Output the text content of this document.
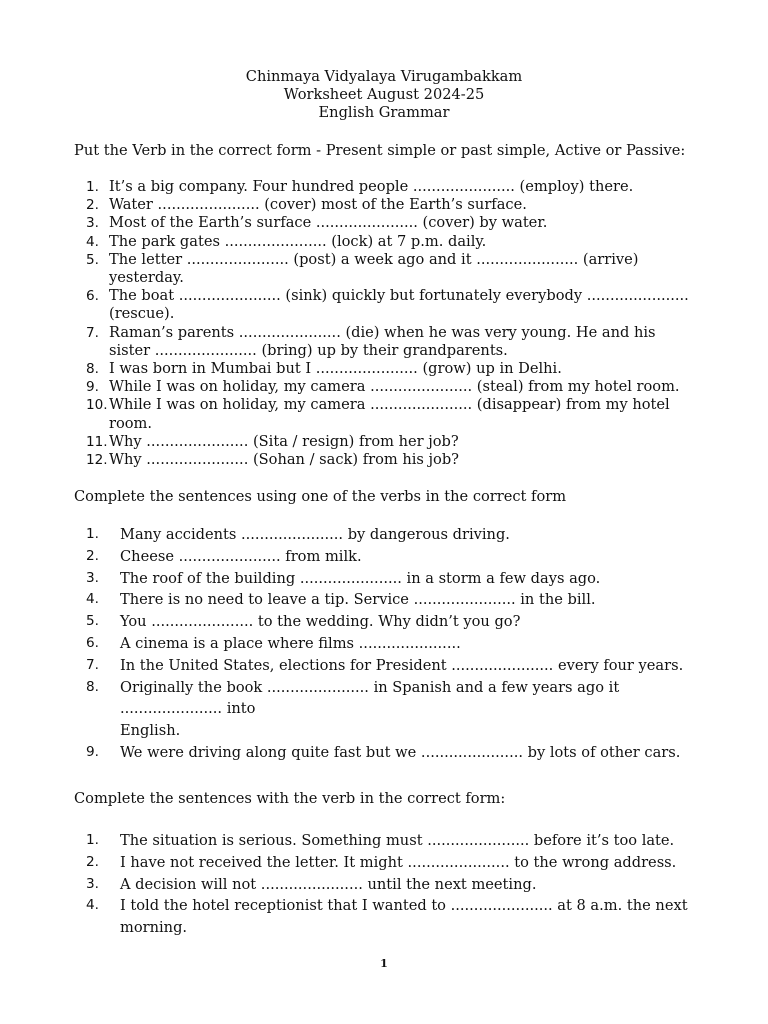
Chinmaya Vidyalaya Virugambakkam
Worksheet August 2024-25
English Grammar
Put the Verb in the correct form - Present simple or past simple, Active or Passive:
1. It’s a big company. Four hundred people ...................... (employ) there.
2. Water ...................... (cover) most of the Earth’s surface.
3. Most of the Earth’s surface ...................... (cover) by water.
4. The park gates ...................... (lock) at 7 p.m. daily.
5. The letter ...................... (post) a week ago and it ...................... (arrive) yesterday.
6. The boat ...................... (sink) quickly but fortunately everybody ...................... (rescue).
7. Raman’s parents ...................... (die) when he was very young. He and his sister ...................... (bring) up by their grandparents.
8. I was born in Mumbai but I ...................... (grow) up in Delhi.
9. While I was on holiday, my camera ...................... (steal) from my hotel room.
10. While I was on holiday, my camera ...................... (disappear) from my hotel room.
11. Why ...................... (Sita / resign) from her job?
12. Why ...................... (Sohan / sack) from his job?
Complete the sentences using one of the verbs in the correct form
1. Many accidents ...................... by dangerous driving.
2. Cheese ...................... from milk.
3. The roof of the building ...................... in a storm a few days ago.
4. There is no need to leave a tip. Service ...................... in the bill.
5. You ...................... to the wedding. Why didn’t you go?
6. A cinema is a place where films ......................
7. In the United States, elections for President ...................... every four years.
8. Originally the book ...................... in Spanish and a few years ago it
...................... into
English.
9. We were driving along quite fast but we ...................... by lots of other cars.
Complete the sentences with the verb in the correct form:
1. The situation is serious. Something must ...................... before it’s too late.
2. I have not received the letter. It might ...................... to the wrong address.
3. A decision will not ...................... until the next meeting.
4. I told the hotel receptionist that I wanted to ...................... at 8 a.m. the next morning.
1
